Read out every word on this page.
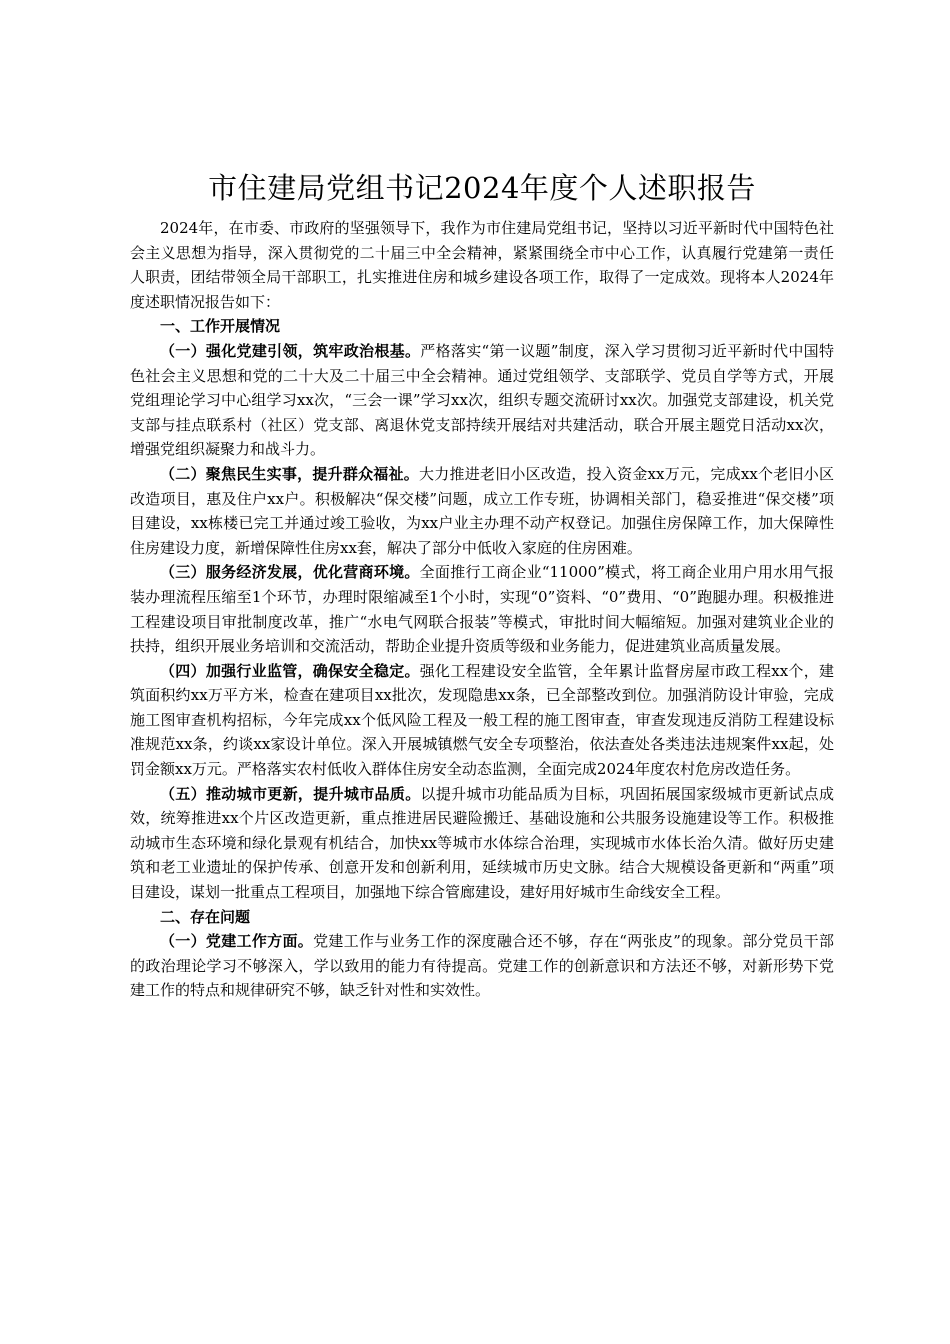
市住建局党组书记2024年度个人述职报告

2024年，在市委、市政府的坚强领导下，我作为市住建局党组书记，坚持以习近平新时代中国特色社会主义思想为指导，深入贯彻党的二十届三中全会精神，紧紧围绕全市中心工作，认真履行党建第一责任人职责，团结带领全局干部职工，扎实推进住房和城乡建设各项工作，取得了一定成效。现将本人2024年度述职情况报告如下：

一、工作开展情况

（一）强化党建引领，筑牢政治根基。严格落实“第一议题”制度，深入学习贯彻习近平新时代中国特色社会主义思想和党的二十大及二十届三中全会精神。通过党组领学、支部联学、党员自学等方式，开展党组理论学习中心组学习xx次，“三会一课”学习xx次，组织专题交流研讨xx次。加强党支部建设，机关党支部与挂点联系村（社区）党支部、离退休党支部持续开展结对共建活动，联合开展主题党日活动xx次，增强党组织凝聚力和战斗力。

（二）聚焦民生实事，提升群众福祉。大力推进老旧小区改造，投入资金xx万元，完成xx个老旧小区改造项目，惠及住户xx户。积极解决“保交楼”问题，成立工作专班，协调相关部门，稳妥推进“保交楼”项目建设，xx栋楼已完工并通过竣工验收，为xx户业主办理不动产权登记。加强住房保障工作，加大保障性住房建设力度，新增保障性住房xx套，解决了部分中低收入家庭的住房困难。

（三）服务经济发展，优化营商环境。全面推行工商企业“11000”模式，将工商企业用户用水用气报装办理流程压缩至1个环节，办理时限缩减至1个小时，实现“0”资料、“0”费用、“0”跑腿办理。积极推进工程建设项目审批制度改革，推广“水电气网联合报装”等模式，审批时间大幅缩短。加强对建筑业企业的扶持，组织开展业务培训和交流活动，帮助企业提升资质等级和业务能力，促进建筑业高质量发展。

（四）加强行业监管，确保安全稳定。强化工程建设安全监管，全年累计监督房屋市政工程xx个，建筑面积约xx万平方米，检查在建项目xx批次，发现隐患xx条，已全部整改到位。加强消防设计审验，完成施工图审查机构招标，今年完成xx个低风险工程及一般工程的施工图审查，审查发现违反消防工程建设标准规范xx条，约谈xx家设计单位。深入开展城镇燃气安全专项整治，依法查处各类违法违规案件xx起，处罚金额xx万元。严格落实农村低收入群体住房安全动态监测，全面完成2024年度农村危房改造任务。

（五）推动城市更新，提升城市品质。以提升城市功能品质为目标，巩固拓展国家级城市更新试点成效，统筹推进xx个片区改造更新，重点推进居民避险搬迁、基础设施和公共服务设施建设等工作。积极推动城市生态环境和绿化景观有机结合，加快xx等城市水体综合治理，实现城市水体长治久清。做好历史建筑和老工业遗址的保护传承、创意开发和创新利用，延续城市历史文脉。结合大规模设备更新和“两重”项目建设，谋划一批重点工程项目，加强地下综合管廊建设，建好用好城市生命线安全工程。

二、存在问题

（一）党建工作方面。党建工作与业务工作的深度融合还不够，存在“两张皮”的现象。部分党员干部的政治理论学习不够深入，学以致用的能力有待提高。党建工作的创新意识和方法还不够，对新形势下党建工作的特点和规律研究不够，缺乏针对性和实效性。
